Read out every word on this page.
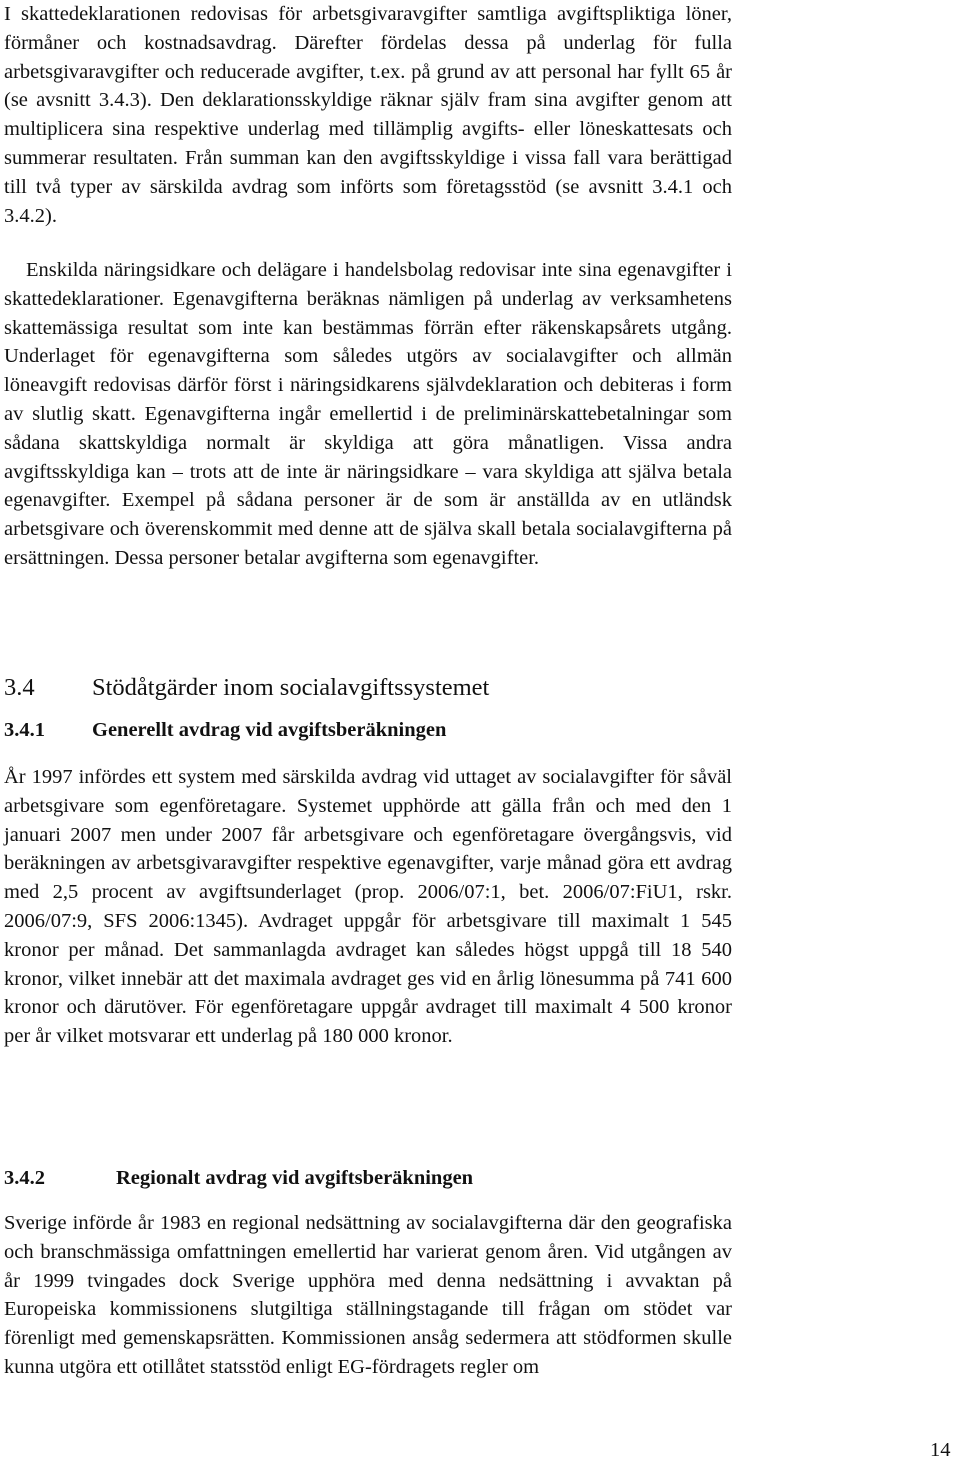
I skattedeklarationen redovisas för arbetsgivaravgifter samtliga avgiftspliktiga löner, förmåner och kostnadsavdrag. Därefter fördelas dessa på underlag för fulla arbetsgivaravgifter och reducerade avgifter, t.ex. på grund av att personal har fyllt 65 år (se avsnitt 3.4.3). Den deklarationsskyldige räknar själv fram sina avgifter genom att multiplicera sina respektive underlag med tillämplig avgifts- eller löneskattesats och summerar resultaten. Från summan kan den avgiftsskyldige i vissa fall vara berättigad till två typer av särskilda avdrag som införts som företagsstöd (se avsnitt 3.4.1 och 3.4.2).

Enskilda näringsidkare och delägare i handelsbolag redovisar inte sina egenavgifter i skattedeklarationer. Egenavgifterna beräknas nämligen på underlag av verksamhetens skattemässiga resultat som inte kan bestämmas förrän efter räkenskapsårets utgång. Underlaget för egenavgifterna som således utgörs av socialavgifter och allmän löneavgift redovisas därför först i näringsidkarens självdeklaration och debiteras i form av slutlig skatt. Egenavgifterna ingår emellertid i de preliminärskattebetalningar som sådana skattskyldiga normalt är skyldiga att göra månatligen. Vissa andra avgiftsskyldiga kan – trots att de inte är näringsidkare – vara skyldiga att själva betala egenavgifter. Exempel på sådana personer är de som är anställda av en utländsk arbetsgivare och överenskommit med denne att de själva skall betala socialavgifterna på ersättningen. Dessa personer betalar avgifterna som egenavgifter.

3.4	Stödåtgärder inom socialavgiftssystemet
3.4.1	Generellt avdrag vid avgiftsberäkningen

År 1997 infördes ett system med särskilda avdrag vid uttaget av socialavgifter för såväl arbetsgivare som egenföretagare. Systemet upphörde att gälla från och med den 1 januari 2007 men under 2007 får arbetsgivare och egenföretagare övergångsvis, vid beräkningen av arbetsgivaravgifter respektive egenavgifter, varje månad göra ett avdrag med 2,5 procent av avgiftsunderlaget (prop. 2006/07:1, bet. 2006/07:FiU1, rskr. 2006/07:9, SFS 2006:1345). Avdraget uppgår för arbetsgivare till maximalt 1 545 kronor per månad. Det sammanlagda avdraget kan således högst uppgå till 18 540 kronor, vilket innebär att det maximala avdraget ges vid en årlig lönesumma på 741 600 kronor och därutöver. För egenföretagare uppgår avdraget till maximalt 4 500 kronor per år vilket motsvarar ett underlag på 180 000 kronor.

3.4.2	Regionalt avdrag vid avgiftsberäkningen

Sverige införde år 1983 en regional nedsättning av socialavgifterna där den geografiska och branschmässiga omfattningen emellertid har varierat genom åren. Vid utgången av år 1999 tvingades dock Sverige upphöra med denna nedsättning i avvaktan på Europeiska kommissionens slutgiltiga ställningstagande till frågan om stödet var förenligt med gemenskapsrätten. Kommissionen ansåg sedermera att stödformen skulle kunna utgöra ett otillåtet statsstöd enligt EG-fördragets regler om

14
